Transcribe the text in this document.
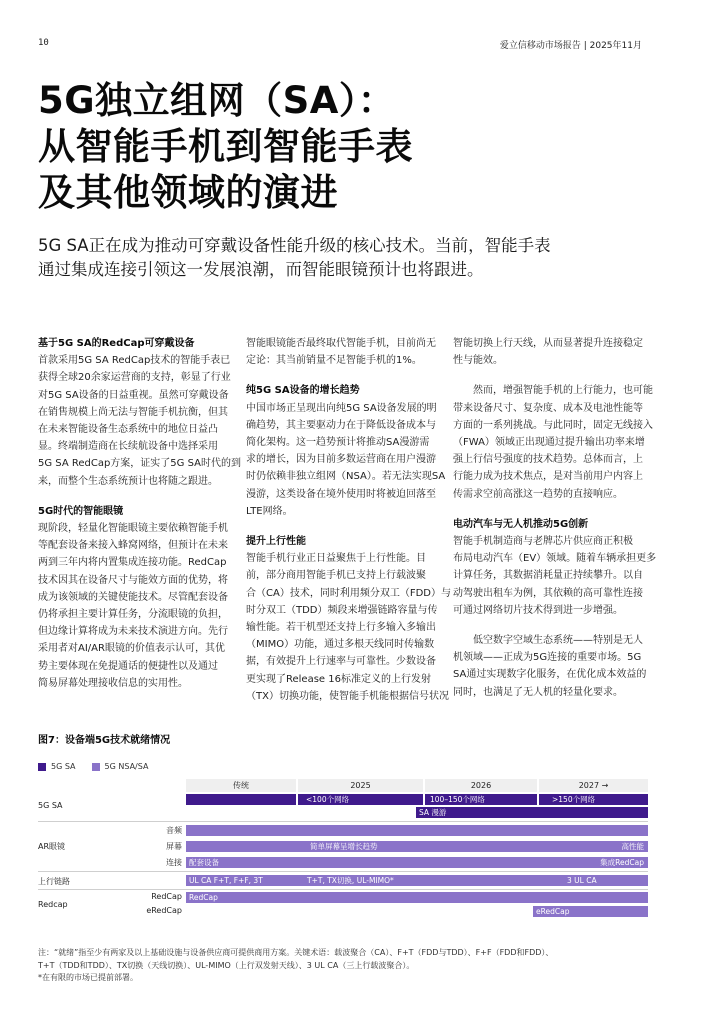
10	爱立信移动市场报告 | 2025年11月
5G独立组网（SA）：
从智能手机到智能手表
及其他领域的演进
5G SA正在成为推动可穿戴设备性能升级的核心技术。当前，智能手表
通过集成连接引领这一发展浪潮，而智能眼镜预计也将跟进。
基于5G SA的RedCap可穿戴设备
首款采用5G SA RedCap技术的智能手表已
获得全球20余家运营商的支持，彰显了行业
对5G SA设备的日益重视。虽然可穿戴设备
在销售规模上尚无法与智能手机抗衡，但其
在未来智能设备生态系统中的地位日益凸
显。终端制造商在长续航设备中选择采用
5G SA RedCap方案，证实了5G SA时代的到
来，而整个生态系统预计也将随之跟进。
5G时代的智能眼镜
现阶段，轻量化智能眼镜主要依赖智能手机
等配套设备来接入蜂窝网络，但预计在未来
两到三年内将内置集成连接功能。RedCap
技术因其在设备尺寸与能效方面的优势，将
成为该领域的关键使能技术。尽管配套设备
仍将承担主要计算任务，分流眼镜的负担，
但边缘计算将成为未来技术演进方向。先行
采用者对AI/AR眼镜的价值表示认可，其优
势主要体现在免提通话的便捷性以及通过
简易屏幕处理接收信息的实用性。
智能眼镜能否最终取代智能手机，目前尚无
定论：其当前销量不足智能手机的1%。
纯5G SA设备的增长趋势
中国市场正呈现出向纯5G SA设备发展的明
确趋势，其主要驱动力在于降低设备成本与
简化架构。这一趋势预计将推动SA漫游需
求的增长，因为目前多数运营商在用户漫游
时仍依赖非独立组网（NSA）。若无法实现SA
漫游，这类设备在境外使用时将被迫回落至
LTE网络。
提升上行性能
智能手机行业正日益聚焦于上行性能。目
前，部分商用智能手机已支持上行载波聚
合（CA）技术，同时利用频分双工（FDD）与
时分双工（TDD）频段来增强链路容量与传
输性能。若干机型还支持上行多输入多输出
（MIMO）功能，通过多根天线同时传输数
据，有效提升上行速率与可靠性。少数设备
更实现了Release 16标准定义的上行发射
（TX）切换功能，使智能手机能根据信号状况
智能切换上行天线，从而显著提升连接稳定
性与能效。
然而，增强智能手机的上行能力，也可能
带来设备尺寸、复杂度、成本及电池性能等
方面的一系列挑战。与此同时，固定无线接入
（FWA）领域正出现通过提升输出功率来增
强上行信号强度的技术趋势。总体而言，上
行能力成为技术焦点，是对当前用户内容上
传需求空前高涨这一趋势的直接响应。
电动汽车与无人机推动5G创新
智能手机制造商与老牌芯片供应商正积极
布局电动汽车（EV）领域。随着车辆承担更多
计算任务，其数据消耗量正持续攀升。以自
动驾驶出租车为例，其依赖的高可靠性连接
可通过网络切片技术得到进一步增强。
低空数字空域生态系统——特别是无人
机领域——正成为5G连接的重要市场。5G
SA通过实现数字化服务，在优化成本效益的
同时，也满足了无人机的轻量化要求。
图7：设备端5G技术就绪情况
5G SA	5G NSA/SA
传统	2025	2026	2027 →
5G SA
<100个网络	100–150个网络	>150个网络
SA 漫游
AR眼镜
音频
屏幕
连接
简单屏幕呈增长趋势	高性能
配套设备	集成RedCap
上行链路	UL CA F+T, F+F, 3T	T+T, TX切换, UL-MIMO*	3 UL CA
Redcap
RedCap
eRedCap
RedCap
eRedCap
注：“就绪”指至少有两家及以上基础设施与设备供应商可提供商用方案。关键术语：载波聚合（CA）、F+T（FDD与TDD）、F+F（FDD和FDD）、
T+T（TDD和TDD）、TX切换（天线切换）、UL-MIMO（上行双发射天线）、3 UL CA（三上行载波聚合）。
*在有限的市场已提前部署。
